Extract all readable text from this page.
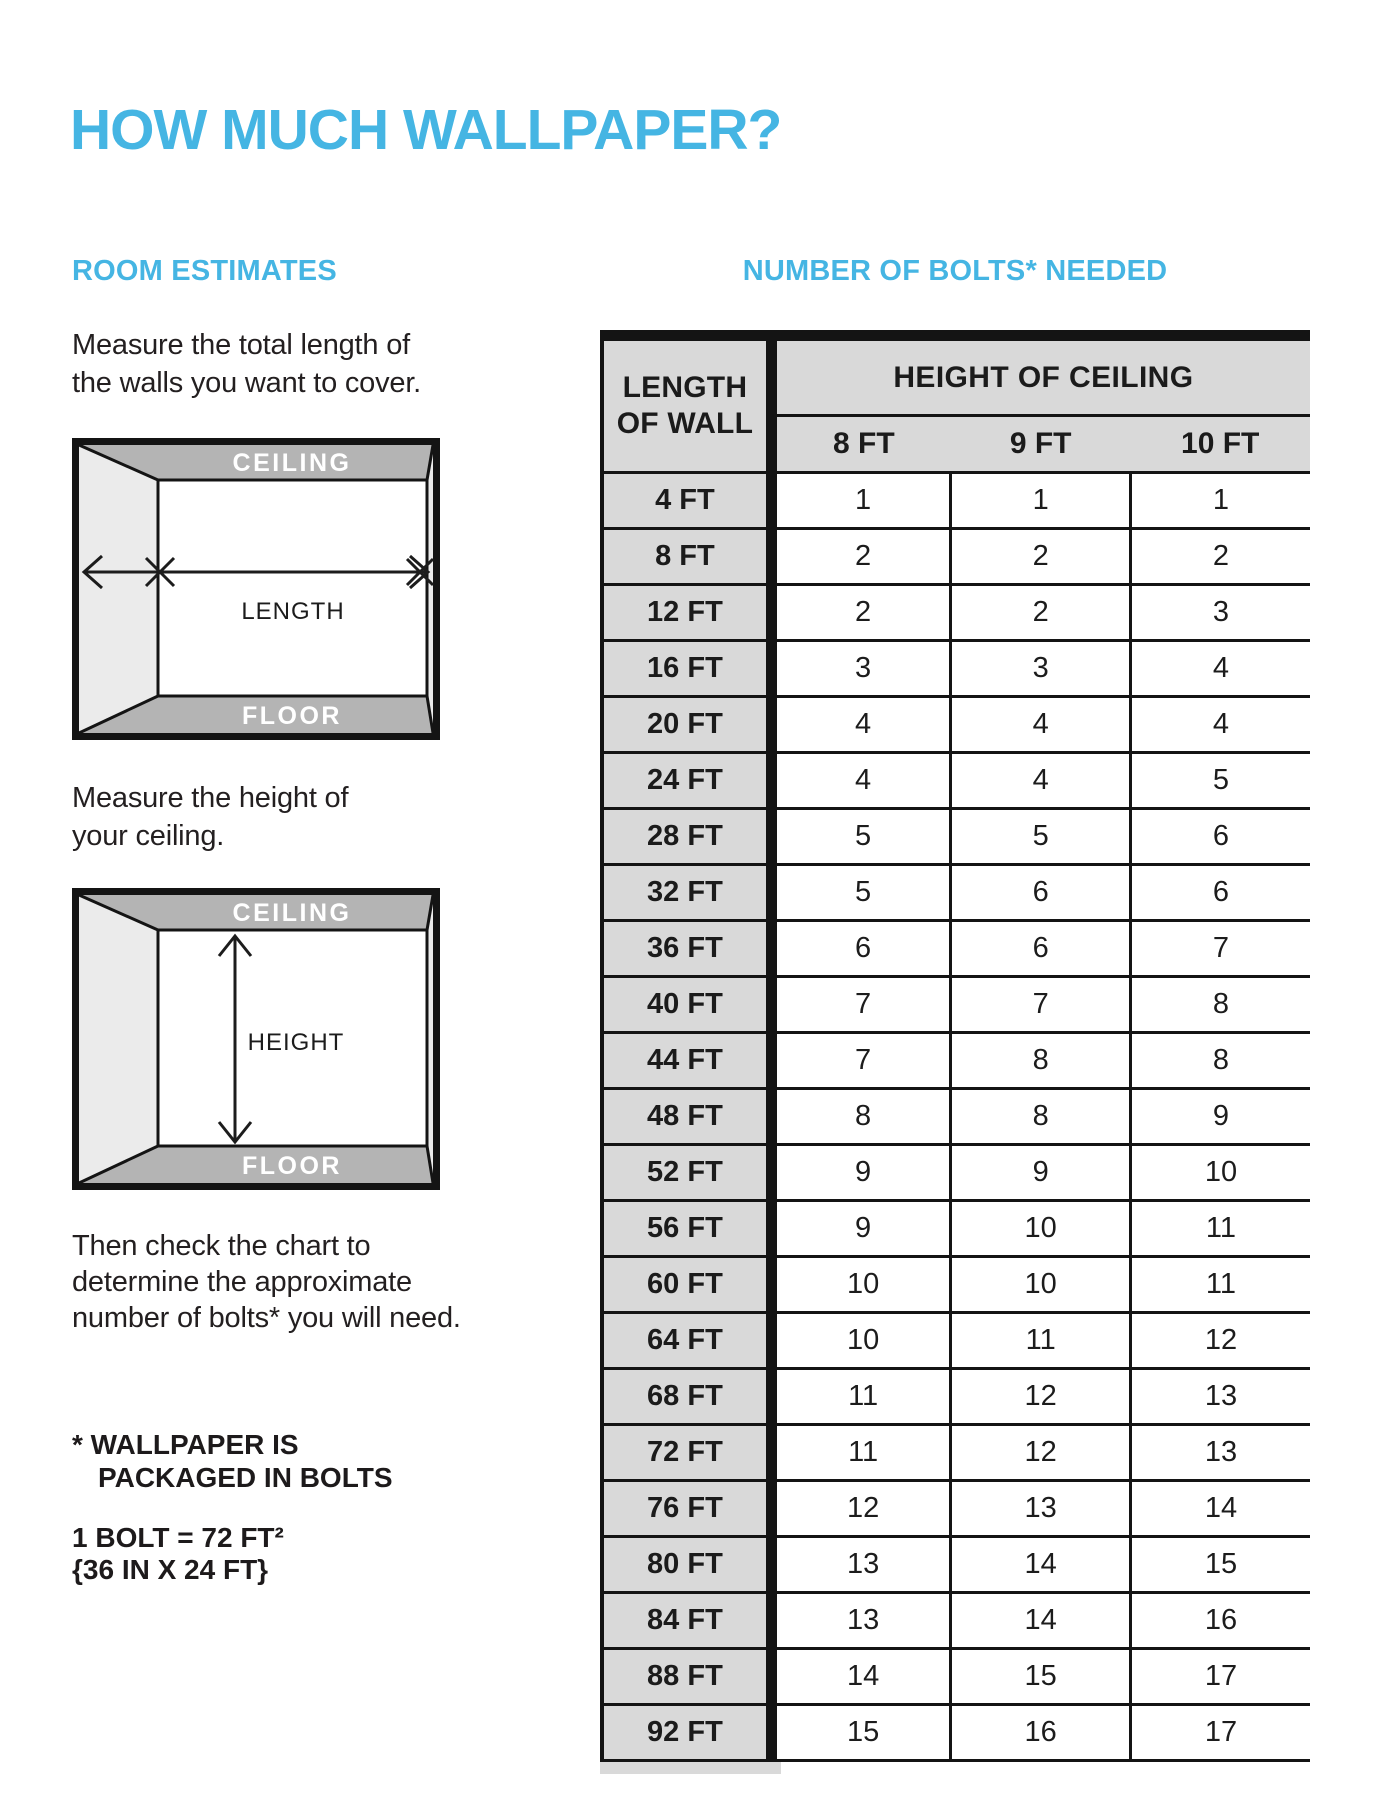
HOW MUCH WALLPAPER?
ROOM ESTIMATES

Measure the total length of
the walls you want to cover.

CEILING
FLOOR
LENGTH

Measure the height of
your ceiling.

CEILING
FLOOR
HEIGHT

Then check the chart to
determine the approximate
number of bolts* you will need.

* WALLPAPER IS
PACKAGED IN BOLTS

1 BOLT = 72 FT²
{36 IN X 24 FT}

NUMBER OF BOLTS* NEEDED
LENGTH
OF WALL	HEIGHT OF CEILING		
	8 FT	9 FT	10 FT
4 FT	1	1	1
8 FT	2	2	2
12 FT	2	2	3
16 FT	3	3	4
20 FT	4	4	4
24 FT	4	4	5
28 FT	5	5	6
32 FT	5	6	6
36 FT	6	6	7
40 FT	7	7	8
44 FT	7	8	8
48 FT	8	8	9
52 FT	9	9	10
56 FT	9	10	11
60 FT	10	10	11
64 FT	10	11	12
68 FT	11	12	13
72 FT	11	12	13
76 FT	12	13	14
80 FT	13	14	15
84 FT	13	14	16
88 FT	14	15	17
92 FT	15	16	17
